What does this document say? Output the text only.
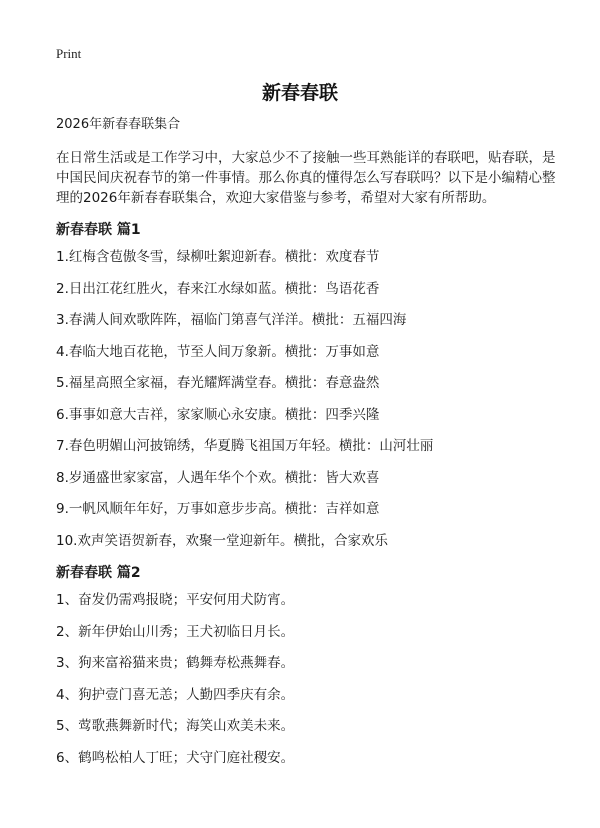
Print
新春春联

2026年新春春联集合

在日常生活或是工作学习中，大家总少不了接触一些耳熟能详的春联吧，贴春联，是中国民间庆祝春节的第一件事情。那么你真的懂得怎么写春联吗？以下是小编精心整理的2026年新春春联集合，欢迎大家借鉴与参考，希望对大家有所帮助。

新春春联 篇1
1.红梅含苞傲冬雪，绿柳吐絮迎新春。横批：欢度春节
2.日出江花红胜火，春来江水绿如蓝。横批：鸟语花香
3.春满人间欢歌阵阵，福临门第喜气洋洋。横批：五福四海
4.春临大地百花艳，节至人间万象新。横批：万事如意
5.福星高照全家福，春光耀辉满堂春。横批：春意盎然
6.事事如意大吉祥，家家顺心永安康。横批：四季兴隆
7.春色明媚山河披锦绣，华夏腾飞祖国万年轻。横批：山河壮丽
8.岁通盛世家家富，人遇年华个个欢。横批：皆大欢喜
9.一帆风顺年年好，万事如意步步高。横批：吉祥如意
10.欢声笑语贺新春，欢聚一堂迎新年。横批，合家欢乐
新春春联 篇2
1、奋发仍需鸡报晓；平安何用犬防宵。
2、新年伊始山川秀；王犬初临日月长。
3、狗来富裕猫来贵；鹤舞寿松燕舞春。
4、狗护壹门喜无恙；人勤四季庆有余。
5、莺歌燕舞新时代；海笑山欢美未来。
6、鹤鸣松柏人丁旺；犬守门庭社稷安。
